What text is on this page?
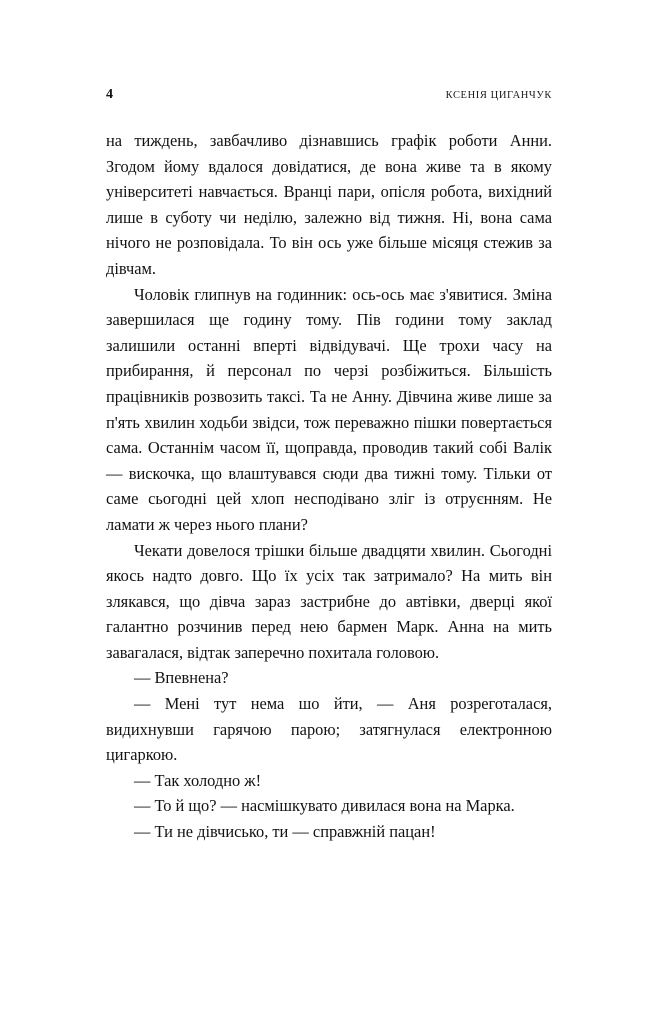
4	КСЕНІЯ ЦИГАНЧУК

на тиждень, завбачливо дізнавшись графік роботи Анни. Згодом йому вдалося довідатися, де вона живе та в якому університеті навчається. Вранці пари, опісля робота, вихідний лише в суботу чи неділю, залежно від тижня. Ні, вона сама нічого не розповідала. То він ось уже більше місяця стежив за дівчам.

Чоловік глипнув на годинник: ось-ось має з'явитися. Зміна завершилася ще годину тому. Пів години тому заклад залишили останні вперті відвідувачі. Ще трохи часу на прибирання, й персонал по черзі розбіжиться. Більшість працівників розвозить таксі. Та не Анну. Дівчина живе лише за п'ять хвилин ходьби звідси, тож переважно пішки повертається сама. Останнім часом її, щоправда, проводив такий собі Валік — вискочка, що влаштувався сюди два тижні тому. Тільки от саме сьогодні цей хлоп несподівано зліг із отруєнням. Не ламати ж через нього плани?

Чекати довелося трішки більше двадцяти хвилин. Сьогодні якось надто довго. Що їх усіх так затримало? На мить він злякався, що дівча зараз застрибне до автівки, дверці якої галантно розчинив перед нею бармен Марк. Анна на мить завагалася, відтак заперечно похитала головою.

— Впевнена?

— Мені тут нема шо йти, — Аня розреготалася, видихнувши гарячою парою; затягнулася електронною цигаркою.

— Так холодно ж!

— То й що? — насмішкувато дивилася вона на Марка.

— Ти не дівчисько, ти — справжній пацан!
